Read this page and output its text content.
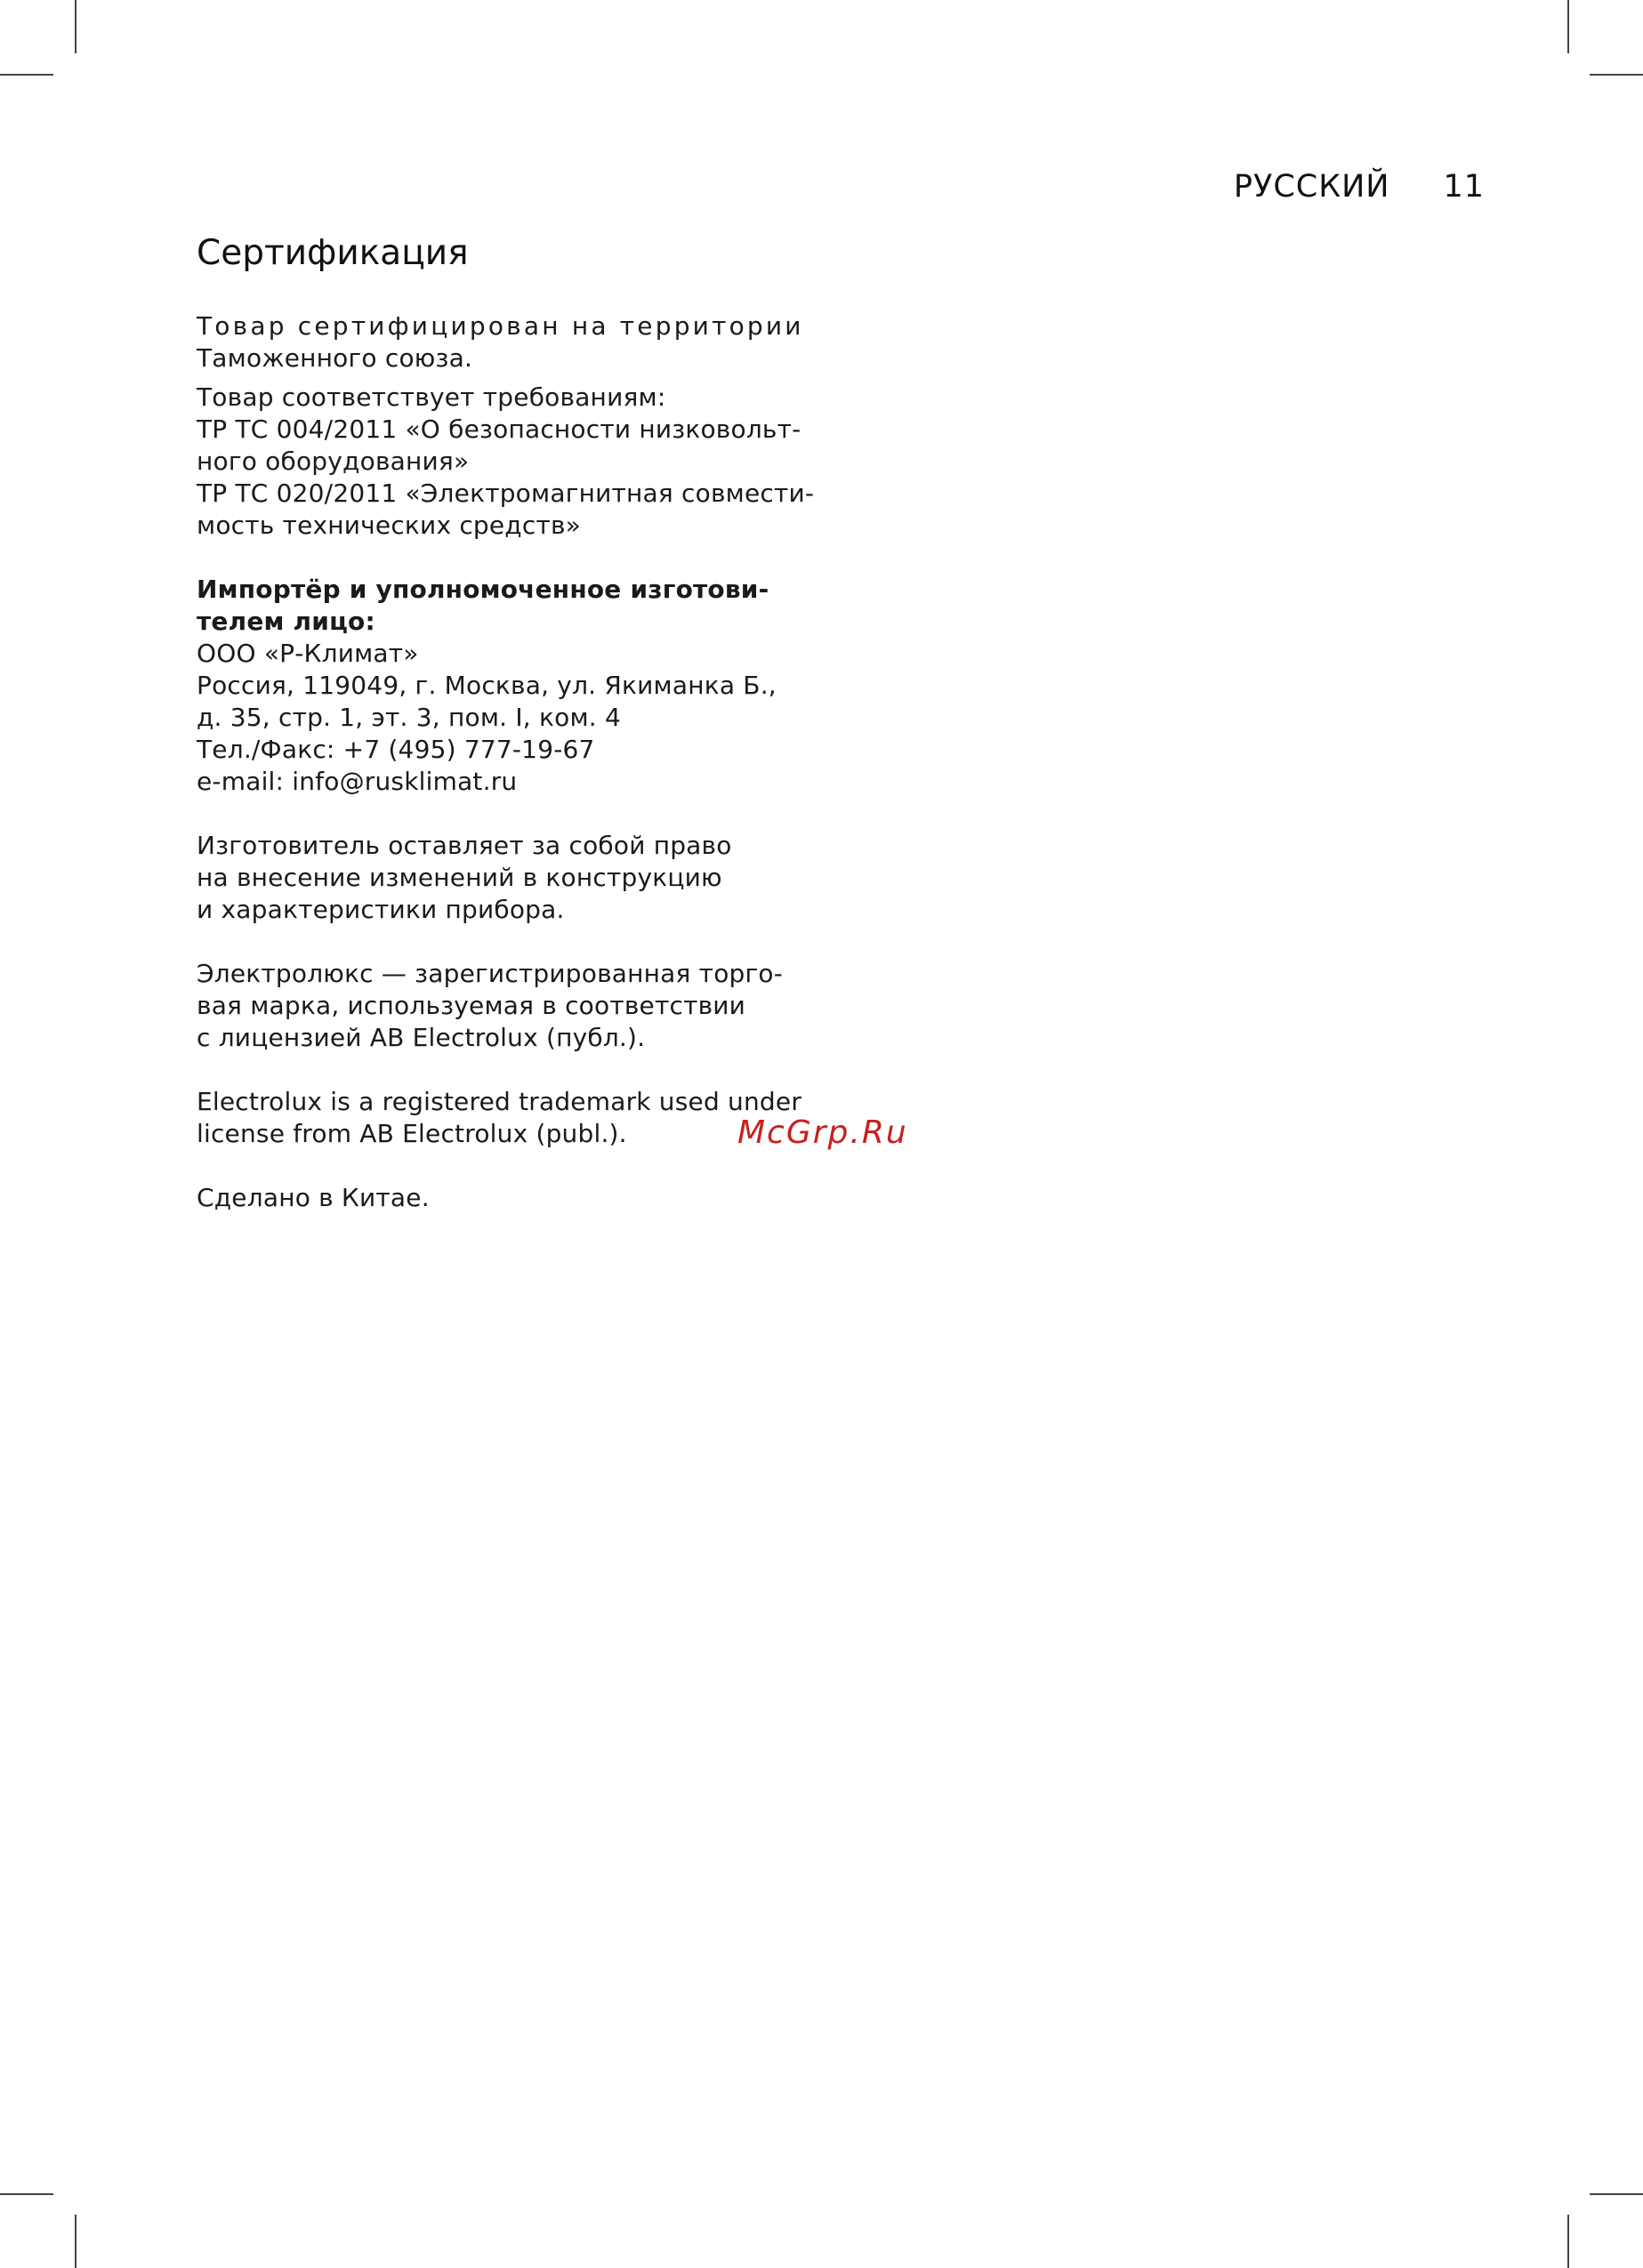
РУССКИЙ 11
Сертификация

Товар сертифицирован на территории
Таможенного союза.

Товар соответствует требованиям:
ТР ТС 004/2011 «О безопасности низковольт-
ного оборудования»
ТР ТС 020/2011 «Электромагнитная совмести-
мость технических средств»

Импортёр и уполномоченное изготови-
телем лицо:
ООО «Р-Климат»
Россия, 119049, г. Москва, ул. Якиманка Б.,
д. 35, стр. 1, эт. 3, пом. I, ком. 4
Тел./Факс: +7 (495) 777-19-67
e-mail: info@rusklimat.ru

Изготовитель оставляет за собой право
на внесение изменений в конструкцию
и характеристики прибора.

Электролюкс — зарегистрированная торго-
вая марка, используемая в соответствии
с лицензией AB Electrolux (публ.).

Electrolux is a registered trademark used under
license from AB Electrolux (publ.).

Сделано в Китае.

McGrp.Ru
